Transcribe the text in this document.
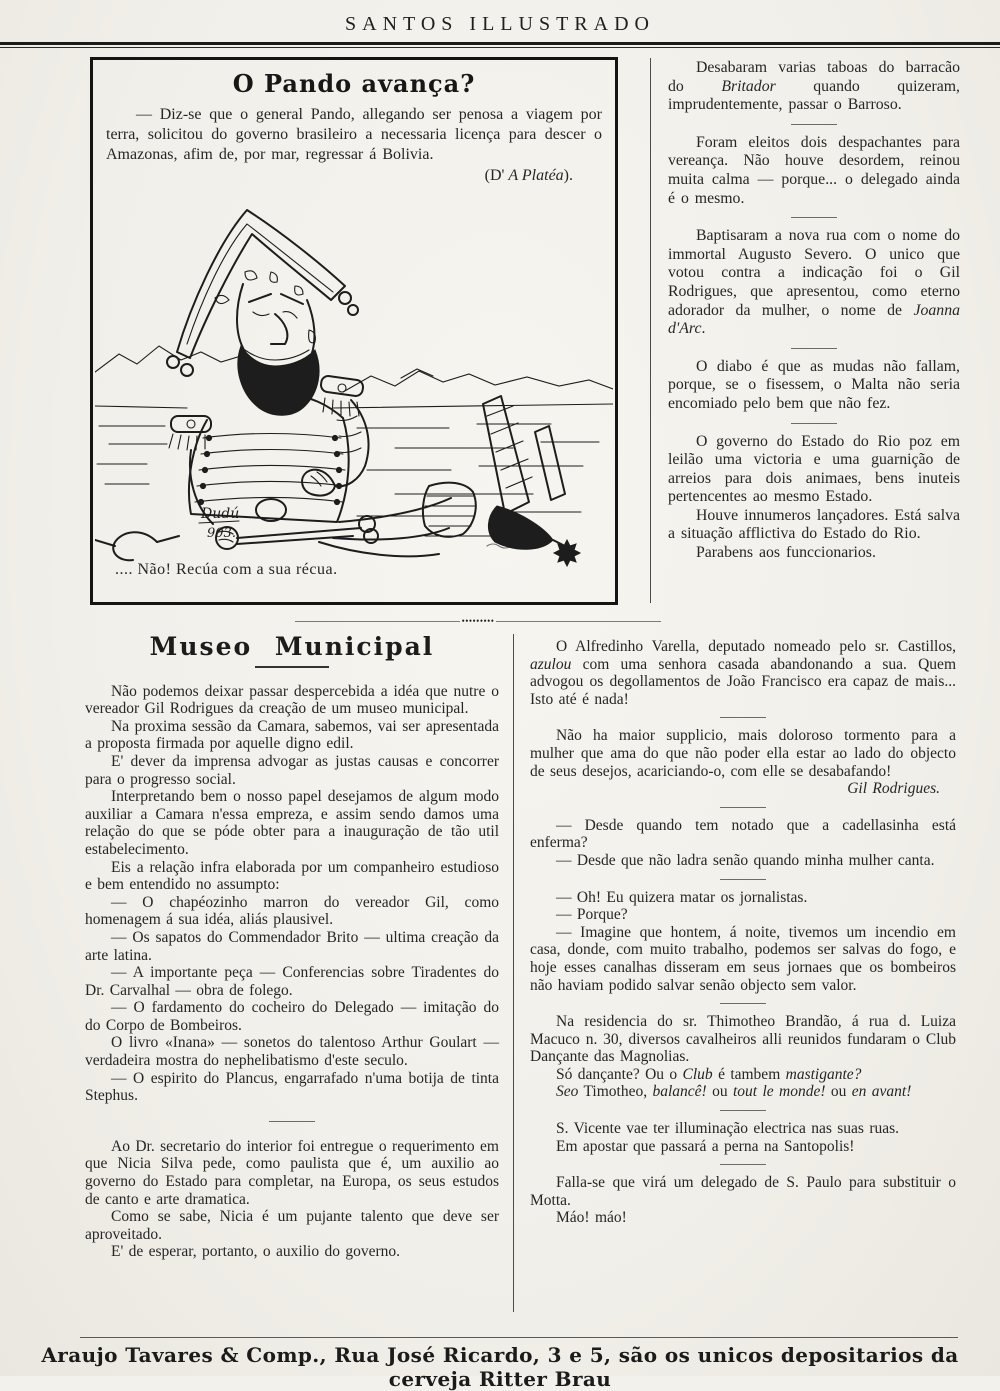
SANTOS ILLUSTRADO
O Pando avança?

— Diz-se que o general Pando, allegando ser penosa a viagem por terra, solicitou do governo brasileiro a necessaria licença para descer o Amazonas, afim de, por mar, regressar á Bolivia.

(D' A Platéa).

Dudú
903.

.... Não! Recúa com a sua récua.

Desabaram varias taboas do barracão do Britador quando quizeram, imprudentemente, passar o Barroso.

Foram eleitos dois despachantes para vereança. Não houve desordem, reinou muita calma — porque... o delegado ainda é o mesmo.

Baptisaram a nova rua com o nome do immortal Augusto Severo. O unico que votou contra a indicação foi o Gil Rodrigues, que apresentou, como eterno adorador da mulher, o nome de Joanna d'Arc.

O diabo é que as mudas não fallam, porque, se o fisessem, o Malta não seria encomiado pelo bem que não fez.

O governo do Estado do Rio poz em leilão uma victoria e uma guarnição de arreios para dois animaes, bens inuteis pertencentes ao mesmo Estado.

Houve innumeros lançadores. Está salva a situação afflictiva do Estado do Rio.

Parabens aos funccionarios.

•••••••••
Museo Municipal

Não podemos deixar passar despercebida a idéa que nutre o vereador Gil Rodrigues da creação de um museo municipal.

Na proxima sessão da Camara, sabemos, vai ser apresentada a proposta firmada por aquelle digno edil.

E' dever da imprensa advogar as justas causas e concorrer para o progresso social.

Interpretando bem o nosso papel desejamos de algum modo auxiliar a Camara n'essa empreza, e assim sendo damos uma relação do que se póde obter para a inauguração de tão util estabelecimento.

Eis a relação infra elaborada por um companheiro estudioso e bem entendido no assumpto:

— O chapéozinho marron do vereador Gil, como homenagem á sua idéa, aliás plausivel.

— Os sapatos do Commendador Brito — ultima creação da arte latina.

— A importante peça — Conferencias sobre Tiradentes do Dr. Carvalhal — obra de folego.

— O fardamento do cocheiro do Delegado — imitação do do Corpo de Bombeiros.

O livro «Inana» — sonetos do talentoso Arthur Goulart — verdadeira mostra do nephelibatismo d'este seculo.

— O espirito do Plancus, engarrafado n'uma botija de tinta Stephus.

Ao Dr. secretario do interior foi entregue o requerimento em que Nicia Silva pede, como paulista que é, um auxilio ao governo do Estado para completar, na Europa, os seus estudos de canto e arte dramatica.

Como se sabe, Nicia é um pujante talento que deve ser aproveitado.

E' de esperar, portanto, o auxilio do governo.

O Alfredinho Varella, deputado nomeado pelo sr. Castillos, azulou com uma senhora casada abandonando a sua. Quem advogou os degollamentos de João Francisco era capaz de mais... Isto até é nada!

Não ha maior supplicio, mais doloroso tormento para a mulher que ama do que não poder ella estar ao lado do objecto de seus desejos, acariciando-o, com elle se desabafando!

Gil Rodrigues.

— Desde quando tem notado que a cadellasinha está enferma?

— Desde que não ladra senão quando minha mulher canta.

— Oh! Eu quizera matar os jornalistas.

— Porque?

— Imagine que hontem, á noite, tivemos um incendio em casa, donde, com muito trabalho, podemos ser salvas do fogo, e hoje esses canalhas disseram em seus jornaes que os bombeiros não haviam podido salvar senão objecto sem valor.

Na residencia do sr. Thimotheo Brandão, á rua d. Luiza Macuco n. 30, diversos cavalheiros alli reunidos fundaram o Club Dançante das Magnolias.

Só dançante? Ou o Club é tambem mastigante?

Seo Timotheo, balancê! ou tout le monde! ou en avant!

S. Vicente vae ter illuminação electrica nas suas ruas.

Em apostar que passará a perna na Santopolis!

Falla-se que virá um delegado de S. Paulo para substituir o Motta.

Máo! máo!

Araujo Tavares & Comp., Rua José Ricardo, 3 e 5, são os unicos depositarios da cerveja Ritter Brau
